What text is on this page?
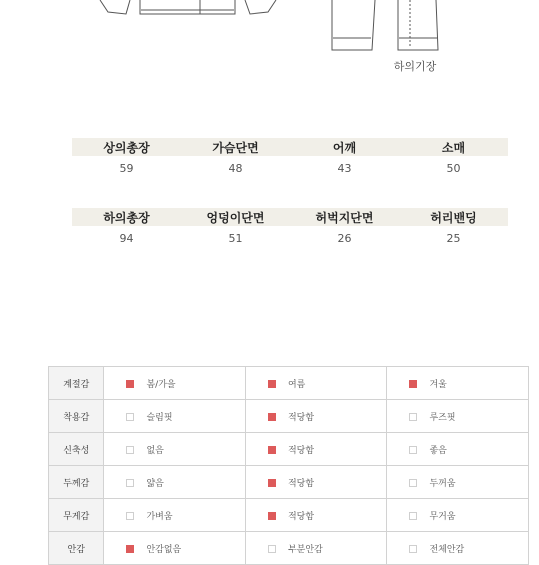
하의기장
상의총장	가슴단면	어깨	소매
59	48	43	50
하의총장	엉덩이단면	허벅지단면	허리밴딩
94	51	26	25
계절감	봄/가을	여름	겨울
착용감	슬림핏	적당함	루즈핏
신축성	없음	적당함	좋음
두께감	얇음	적당함	두꺼움
무게감	가벼움	적당함	무거움
안감	안감없음	부분안감	전체안감
